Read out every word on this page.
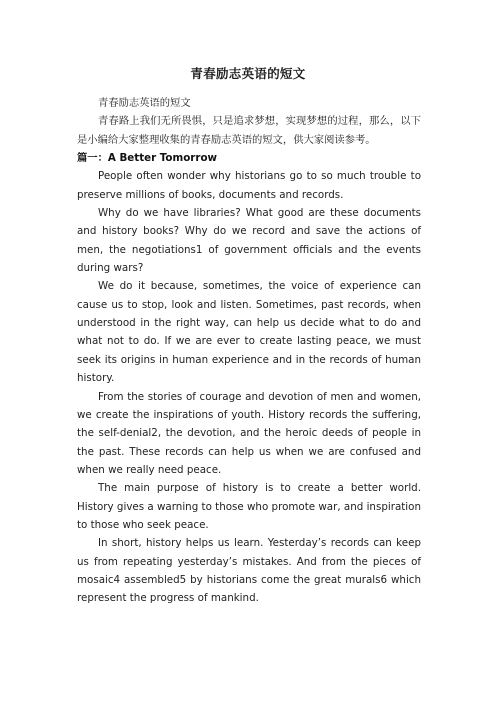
青春励志英语的短文

青春励志英语的短文

青春路上我们无所畏惧，只是追求梦想，实现梦想的过程，那么，以下是小编给大家整理收集的青春励志英语的短文，供大家阅读参考。

篇一：A Better Tomorrow

People often wonder why historians go to so much trouble to preserve millions of books, documents and records.

Why do we have libraries? What good are these documents and history books? Why do we record and save the actions of men, the negotiations1 of government officials and the events during wars?

We do it because, sometimes, the voice of experience can cause us to stop, look and listen. Sometimes, past records, when understood in the right way, can help us decide what to do and what not to do. If we are ever to create lasting peace, we must seek its origins in human experience and in the records of human history.

From the stories of courage and devotion of men and women, we create the inspirations of youth. History records the suffering, the self-denial2, the devotion, and the heroic deeds of people in the past. These records can help us when we are confused and when we really need peace.

The main purpose of history is to create a better world. History gives a warning to those who promote war, and inspiration to those who seek peace.

In short, history helps us learn. Yesterday’s records can keep us from repeating yesterday’s mistakes. And from the pieces of mosaic4 assembled5 by historians come the great murals6 which represent the progress of mankind.
